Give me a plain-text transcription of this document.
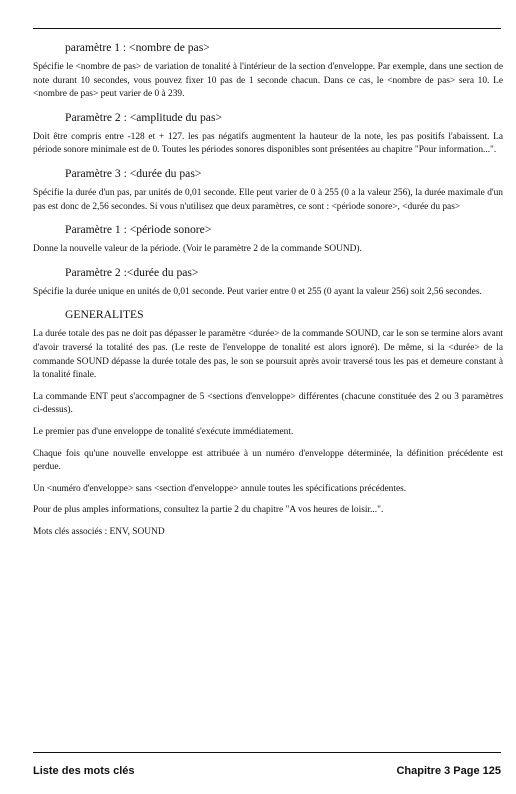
paramètre 1 : <nombre de pas>
Spécifie le <nombre de pas> de variation de tonalité à l'intérieur de la section d'enveloppe. Par exemple, dans une section de note durant 10 secondes, vous pouvez fixer 10 pas de 1 seconde chacun. Dans ce cas, le <nombre de pas> sera 10. Le <nombre de pas> peut varier de 0 à 239.
Paramètre 2 : <amplitude du pas>
Doit être compris entre -128 et + 127. les pas négatifs augmentent la hauteur de la note, les pas positifs l'abaissent. La période sonore minimale est de 0. Toutes les périodes sonores disponibles sont présentées au chapitre "Pour information...".
Paramètre 3 : <durée du pas>
Spécifie la durée d'un pas, par unités de 0,01 seconde. Elle peut varier de 0 à 255 (0 a la valeur 256), la durée maximale d'un pas est donc de 2,56 secondes. Si vous n'utilisez que deux paramètres, ce sont : <période sonore>, <durée du pas>
Paramètre 1 : <période sonore>
Donne la nouvelle valeur de la période. (Voir le paramètre 2 de la commande SOUND).
Paramètre 2 :<durée du pas>
Spécifie la durée unique en unités de 0,01 seconde. Peut varier entre 0 et 255 (0 ayant la valeur 256) soit 2,56 secondes.
GENERALITES
La durée totale des pas ne doit pas dépasser le paramètre <durée> de la commande SOUND, car le son se termine alors avant d'avoir traversé la totalité des pas. (Le reste de l'enveloppe de tonalité est alors ignoré). De même, si la <durée> de la commande SOUND dépasse la durée totale des pas, le son se poursuit après avoir traversé tous les pas et demeure constant à la tonalité finale.
La commande ENT peut s'accompagner de 5 <sections d'enveloppe> différentes (chacune constituée des 2 ou 3 paramètres ci-dessus).
Le premier pas d'une enveloppe de tonalité s'exécute immédiatement.
Chaque fois qu'une nouvelle enveloppe est attribuée à un numéro d'enveloppe déterminée, la définition précédente est perdue.
Un <numéro d'enveloppe> sans <section d'enveloppe> annule toutes les spécifications précédentes.
Pour de plus amples informations, consultez la partie 2 du chapitre "A vos heures de loisir...".
Mots clés associés : ENV, SOUND
Liste des mots clés	Chapitre 3 Page 125
